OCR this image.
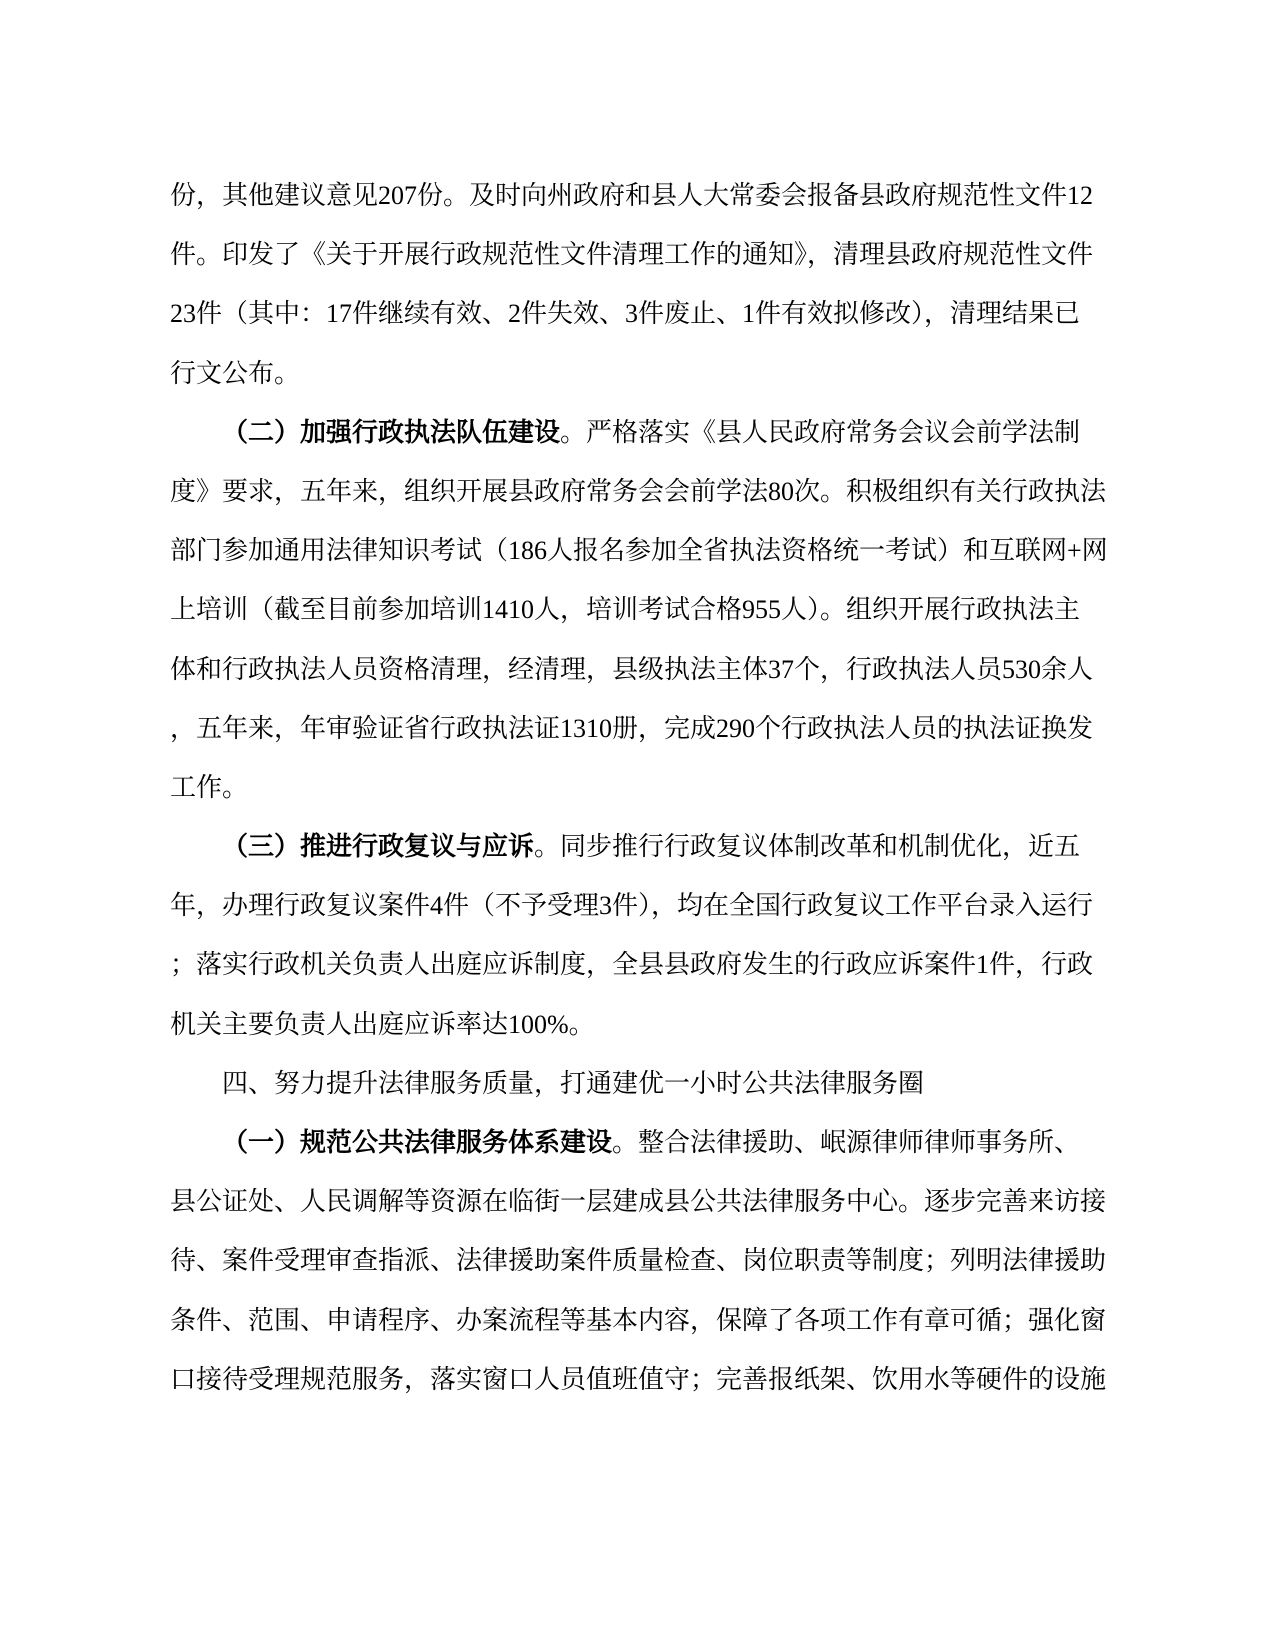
份，其他建议意见207份。及时向州政府和县人大常委会报备县政府规范性文件12
件。印发了《关于开展行政规范性文件清理工作的通知》，清理县政府规范性文件
23件（其中：17件继续有效、2件失效、3件废止、1件有效拟修改），清理结果已
行文公布。
（二）加强行政执法队伍建设。严格落实《县人民政府常务会议会前学法制
度》要求，五年来，组织开展县政府常务会会前学法80次。积极组织有关行政执法
部门参加通用法律知识考试（186人报名参加全省执法资格统一考试）和互联网+网
上培训（截至目前参加培训1410人，培训考试合格955人）。组织开展行政执法主
体和行政执法人员资格清理，经清理，县级执法主体37个，行政执法人员530余人
，五年来，年审验证省行政执法证1310册，完成290个行政执法人员的执法证换发
工作。
（三）推进行政复议与应诉。同步推行行政复议体制改革和机制优化，近五
年，办理行政复议案件4件（不予受理3件），均在全国行政复议工作平台录入运行
；落实行政机关负责人出庭应诉制度，全县县政府发生的行政应诉案件1件，行政
机关主要负责人出庭应诉率达100%。
四、努力提升法律服务质量，打通建优一小时公共法律服务圈
（一）规范公共法律服务体系建设。整合法律援助、岷源律师律师事务所、
县公证处、人民调解等资源在临街一层建成县公共法律服务中心。逐步完善来访接
待、案件受理审查指派、法律援助案件质量检查、岗位职责等制度；列明法律援助
条件、范围、申请程序、办案流程等基本内容，保障了各项工作有章可循；强化窗
口接待受理规范服务，落实窗口人员值班值守；完善报纸架、饮用水等硬件的设施
